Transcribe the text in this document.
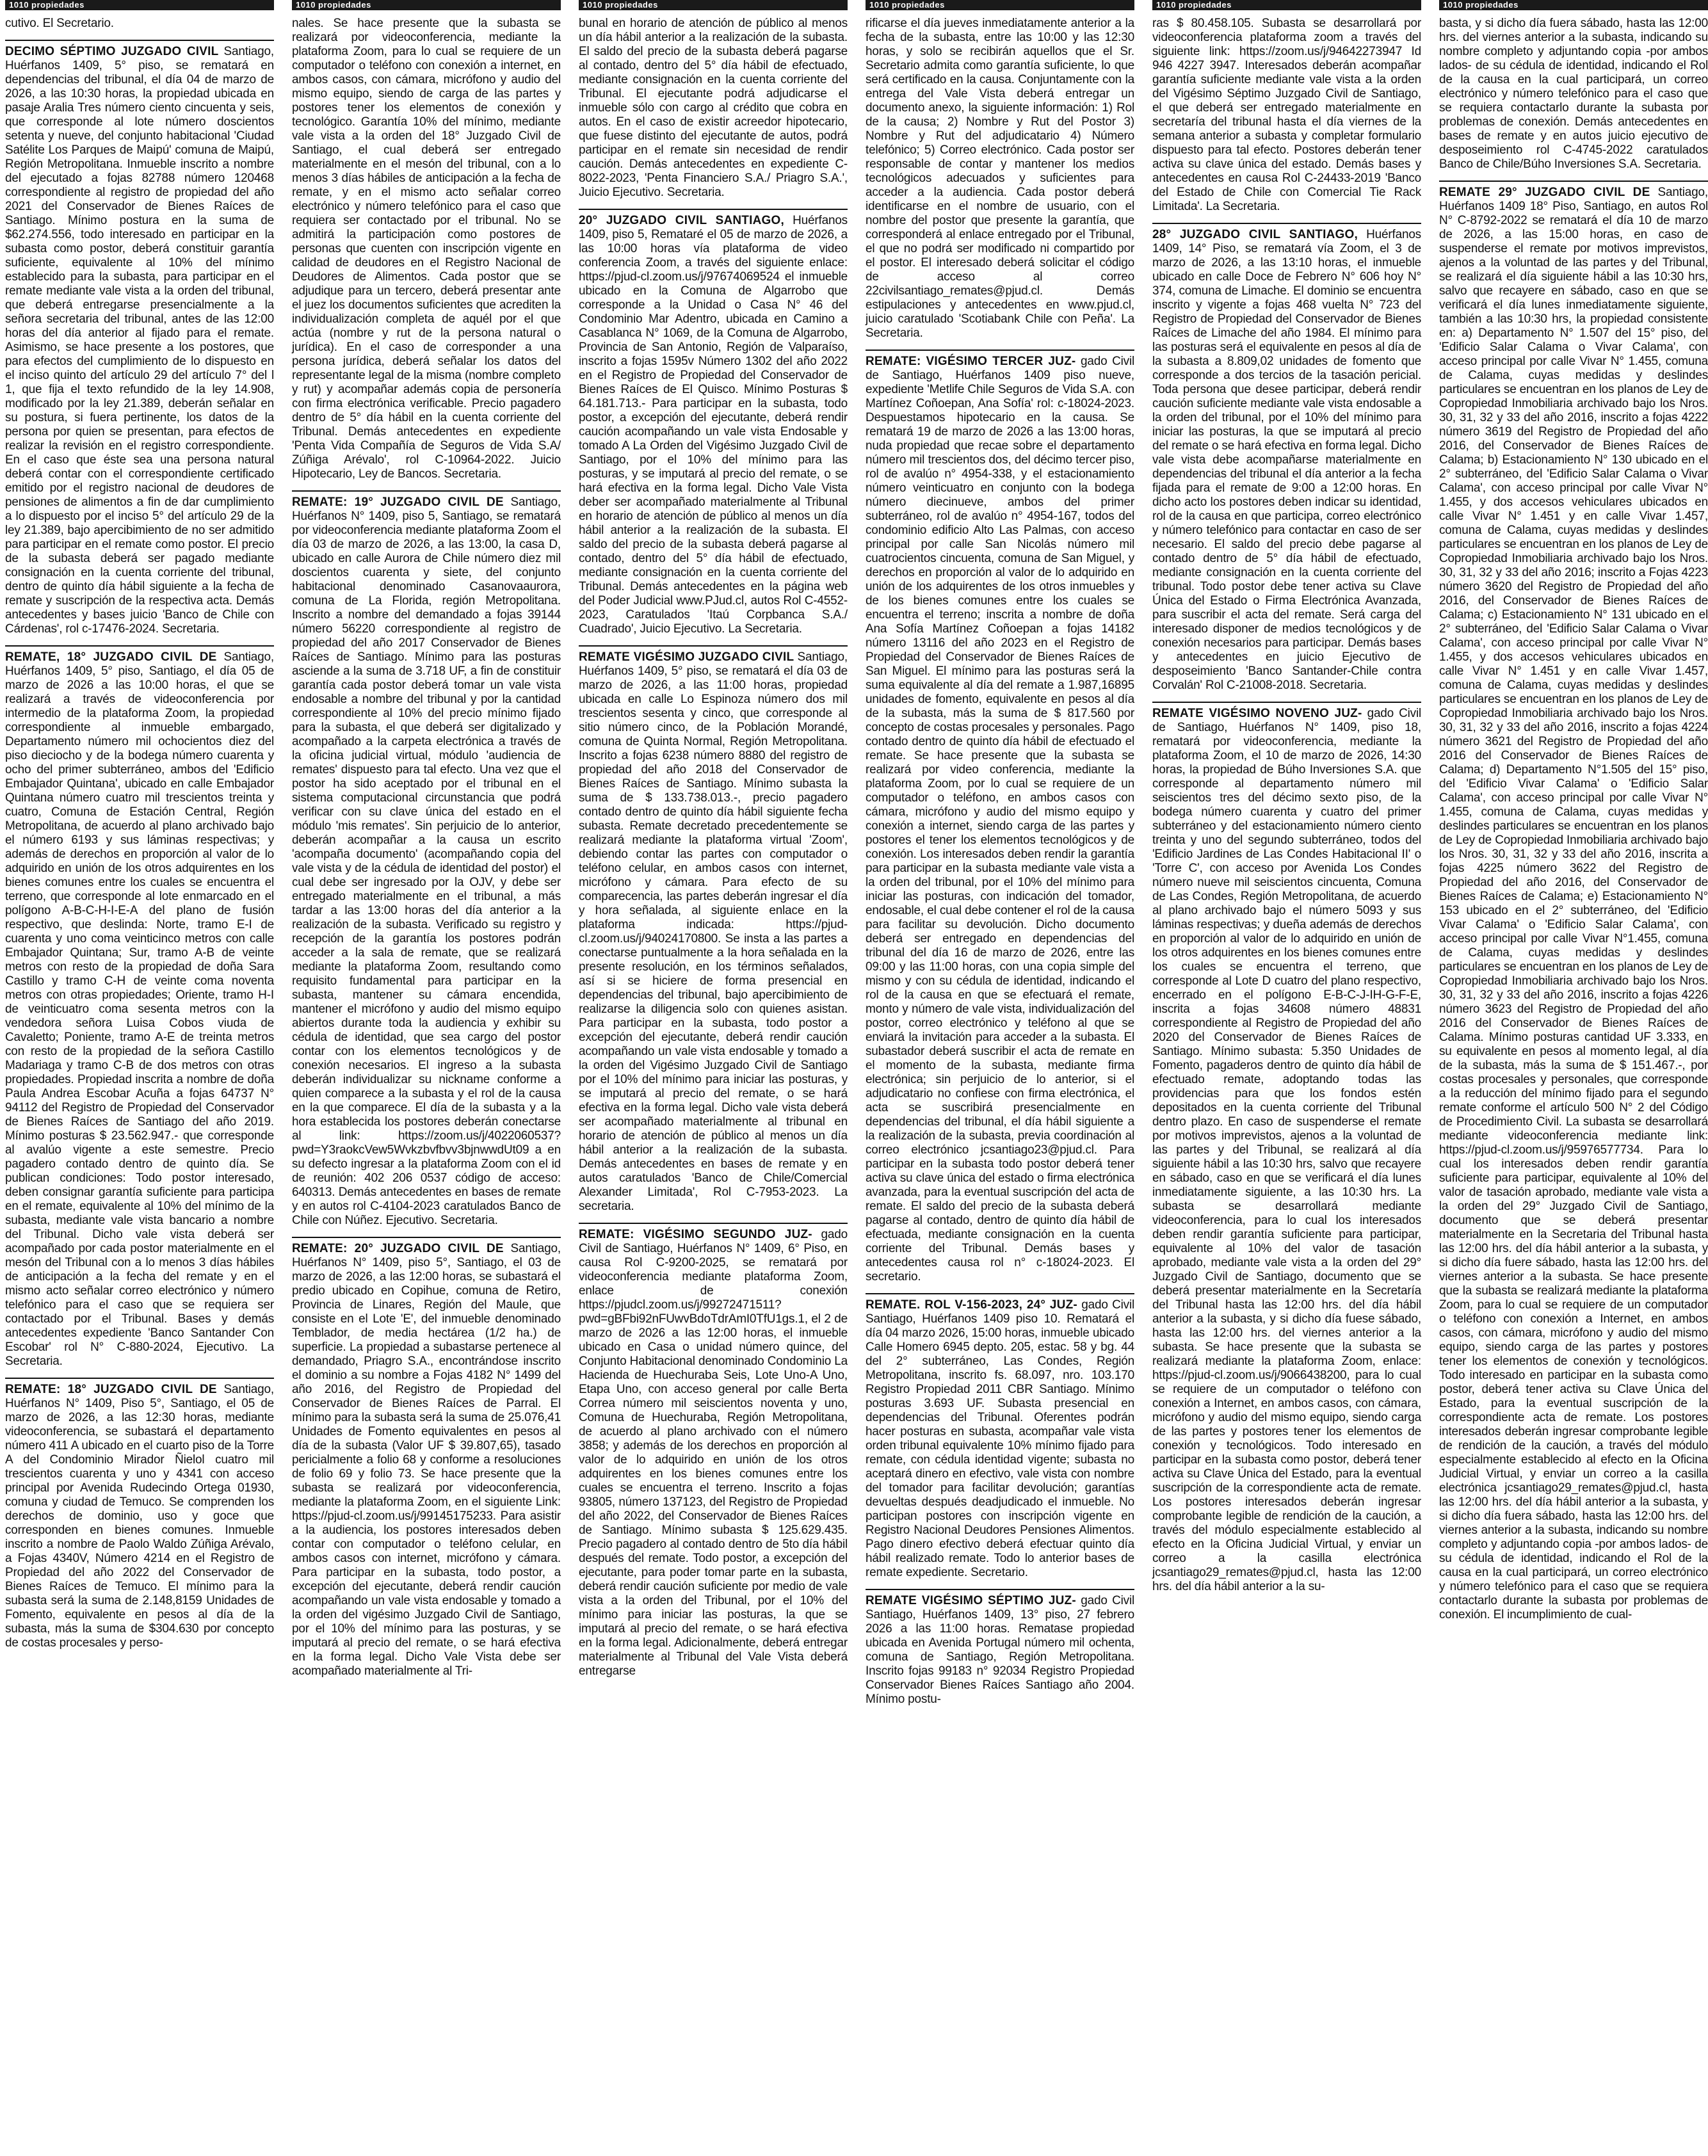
1010 propiedades

cutivo. El Secretario.

DECIMO SÉPTIMO JUZGADO CIVIL Santiago, Huérfanos 1409, 5° piso, se rematará en dependencias del tribunal, el día 04 de marzo de 2026, a las 10:30 horas, la propiedad ubicada en pasaje Aralia Tres número ciento cincuenta y seis, que corresponde al lote número doscientos setenta y nueve, del conjunto habitacional 'Ciudad Satélite Los Parques de Maipú' comuna de Maipú, Región Metropolitana. Inmueble inscrito a nombre del ejecutado a fojas 82788 número 120468 correspondiente al registro de propiedad del año 2021 del Conservador de Bienes Raíces de Santiago. Mínimo postura en la suma de $62.274.556, todo interesado en participar en la subasta como postor, deberá constituir garantía suficiente, equivalente al 10% del mínimo establecido para la subasta, para participar en el remate mediante vale vista a la orden del tribunal, que deberá entregarse presencialmente a la señora secretaria del tribunal, antes de las 12:00 horas del día anterior al fijado para el remate. Asimismo, se hace presente a los postores, que para efectos del cumplimiento de lo dispuesto en el inciso quinto del artículo 29 del artículo 7° del l 1, que fija el texto refundido de la ley 14.908, modificado por la ley 21.389, deberán señalar en su postura, si fuera pertinente, los datos de la persona por quien se presentan, para efectos de realizar la revisión en el registro correspondiente. En el caso que éste sea una persona natural deberá contar con el correspondiente certificado emitido por el registro nacional de deudores de pensiones de alimentos a fin de dar cumplimiento a lo dispuesto por el inciso 5° del artículo 29 de la ley 21.389, bajo apercibimiento de no ser admitido para participar en el remate como postor. El precio de la subasta deberá ser pagado mediante consignación en la cuenta corriente del tribunal, dentro de quinto día hábil siguiente a la fecha de remate y suscripción de la respectiva acta. Demás antecedentes y bases juicio 'Banco de Chile con Cárdenas', rol c-17476-2024. Secretaria.

REMATE, 18° JUZGADO CIVIL DE Santiago, Huérfanos 1409, 5° piso, Santiago, el día 05 de marzo de 2026 a las 10:00 horas, el que se realizará a través de videoconferencia por intermedio de la plataforma Zoom, la propiedad correspondiente al inmueble embargado, Departamento número mil ochocientos diez del piso dieciocho y de la bodega número cuarenta y ocho del primer subterráneo, ambos del 'Edificio Embajador Quintana', ubicado en calle Embajador Quintana número cuatro mil trescientos treinta y cuatro, Comuna de Estación Central, Región Metropolitana, de acuerdo al plano archivado bajo el número 6193 y sus láminas respectivas; y además de derechos en proporción al valor de lo adquirido en unión de los otros adquirentes en los bienes comunes entre los cuales se encuentra el terreno, que corresponde al lote enmarcado en el polígono A-B-C-H-I-E-A del plano de fusión respectivo, que deslinda: Norte, tramo E-I de cuarenta y uno coma veinticinco metros con calle Embajador Quintana; Sur, tramo A-B de veinte metros con resto de la propiedad de doña Sara Castillo y tramo C-H de veinte coma noventa metros con otras propiedades; Oriente, tramo H-I de veinticuatro coma sesenta metros con la vendedora señora Luisa Cobos viuda de Cavaletto; Poniente, tramo A-E de treinta metros con resto de la propiedad de la señora Castillo Madariaga y tramo C-B de dos metros con otras propiedades. Propiedad inscrita a nombre de doña Paula Andrea Escobar Acuña a fojas 64737 N° 94112 del Registro de Propiedad del Conservador de Bienes Raíces de Santiago del año 2019. Mínimo posturas $ 23.562.947.- que corresponde al avalúo vigente a este semestre. Precio pagadero contado dentro de quinto día. Se publican condiciones: Todo postor interesado, deben consignar garantía suficiente para participa en el remate, equivalente al 10% del mínimo de la subasta, mediante vale vista bancario a nombre del Tribunal. Dicho vale vista deberá ser acompañado por cada postor materialmente en el mesón del Tribunal con a lo menos 3 días hábiles de anticipación a la fecha del remate y en el mismo acto señalar correo electrónico y número telefónico para el caso que se requiera ser contactado por el Tribunal. Bases y demás antecedentes expediente 'Banco Santander Con Escobar' rol N° C-880-2024, Ejecutivo. La Secretaria.

REMATE: 18° JUZGADO CIVIL DE Santiago, Huérfanos N° 1409, Piso 5°, Santiago, el 05 de marzo de 2026, a las 12:30 horas, mediante videoconferencia, se subastará el departamento número 411 A ubicado en el cuarto piso de la Torre A del Condominio Mirador Ñielol cuatro mil trescientos cuarenta y uno y 4341 con acceso principal por Avenida Rudecindo Ortega 01930, comuna y ciudad de Temuco. Se comprenden los derechos de dominio, uso y goce que corresponden en bienes comunes. Inmueble inscrito a nombre de Paolo Waldo Zúñiga Arévalo, a Fojas 4340V, Número 4214 en el Registro de Propiedad del año 2022 del Conservador de Bienes Raíces de Temuco. El mínimo para la subasta será la suma de 2.148,8159 Unidades de Fomento, equivalente en pesos al día de la subasta, más la suma de $304.630 por concepto de costas procesales y perso-

1010 propiedades

nales. Se hace presente que la subasta se realizará por videoconferencia, mediante la plataforma Zoom, para lo cual se requiere de un computador o teléfono con conexión a internet, en ambos casos, con cámara, micrófono y audio del mismo equipo, siendo de carga de las partes y postores tener los elementos de conexión y tecnológico. Garantía 10% del mínimo, mediante vale vista a la orden del 18° Juzgado Civil de Santiago, el cual deberá ser entregado materialmente en el mesón del tribunal, con a lo menos 3 días hábiles de anticipación a la fecha de remate, y en el mismo acto señalar correo electrónico y número telefónico para el caso que requiera ser contactado por el tribunal. No se admitirá la participación como postores de personas que cuenten con inscripción vigente en calidad de deudores en el Registro Nacional de Deudores de Alimentos. Cada postor que se adjudique para un tercero, deberá presentar ante el juez los documentos suficientes que acrediten la individualización completa de aquél por el que actúa (nombre y rut de la persona natural o jurídica). En el caso de corresponder a una persona jurídica, deberá señalar los datos del representante legal de la misma (nombre completo y rut) y acompañar además copia de personería con firma electrónica verificable. Precio pagadero dentro de 5° día hábil en la cuenta corriente del Tribunal. Demás antecedentes en expediente 'Penta Vida Compañía de Seguros de Vida S.A/ Zúñiga Arévalo', rol C-10964-2022. Juicio Hipotecario, Ley de Bancos. Secretaria.

REMATE: 19° JUZGADO CIVIL DE Santiago, Huérfanos N° 1409, piso 5, Santiago, se rematará por videoconferencia mediante plataforma Zoom el día 03 de marzo de 2026, a las 13:00, la casa D, ubicado en calle Aurora de Chile número diez mil doscientos cuarenta y siete, del conjunto habitacional denominado Casanovaaurora, comuna de La Florida, región Metropolitana. Inscrito a nombre del demandado a fojas 39144 número 56220 correspondiente al registro de propiedad del año 2017 Conservador de Bienes Raíces de Santiago. Mínimo para las posturas asciende a la suma de 3.718 UF, a fin de constituir garantía cada postor deberá tomar un vale vista endosable a nombre del tribunal y por la cantidad correspondiente al 10% del precio mínimo fijado para la subasta, el que deberá ser digitalizado y acompañado a la carpeta electrónica a través de la oficina judicial virtual, módulo 'audiencia de remates' dispuesto para tal efecto. Una vez que el postor ha sido aceptado por el tribunal en el sistema computacional circunstancia que podrá verificar con su clave única del estado en el módulo 'mis remates'. Sin perjuicio de lo anterior, deberán acompañar a la causa un escrito 'acompaña documento' (acompañando copia del vale vista y de la cédula de identidad del postor) el cual debe ser ingresado por la OJV, y debe ser entregado materialmente en el tribunal, a más tardar a las 13:00 horas del día anterior a la realización de la subasta. Verificado su registro y recepción de la garantía los postores podrán acceder a la sala de remate, que se realizará mediante la plataforma Zoom, resultando como requisito fundamental para participar en la subasta, mantener su cámara encendida, mantener el micrófono y audio del mismo equipo abiertos durante toda la audiencia y exhibir su cédula de identidad, que sea cargo del postor contar con los elementos tecnológicos y de conexión necesarios. El ingreso a la subasta deberán individualizar su nickname conforme a quien comparece a la subasta y el rol de la causa en la que comparece. El día de la subasta y a la hora establecida los postores deberán conectarse al link: https://zoom.us/j/4022060537?pwd=Y3raokcVew5Wvkzbvfbvv3bjnwwdUt09 a en su defecto ingresar a la plataforma Zoom con el id de reunión: 402 206 0537 código de acceso: 640313. Demás antecedentes en bases de remate y en autos rol C-4104-2023 caratulados Banco de Chile con Núñez. Ejecutivo. Secretaria.

REMATE: 20° JUZGADO CIVIL DE Santiago, Huérfanos N° 1409, piso 5°, Santiago, el 03 de marzo de 2026, a las 12:00 horas, se subastará el predio ubicado en Copihue, comuna de Retiro, Provincia de Linares, Región del Maule, que consiste en el Lote 'E', del inmueble denominado Temblador, de media hectárea (1/2 ha.) de superficie. La propiedad a subastarse pertenece al demandado, Priagro S.A., encontrándose inscrito el dominio a su nombre a Fojas 4182 N° 1499 del año 2016, del Registro de Propiedad del Conservador de Bienes Raíces de Parral. El mínimo para la subasta será la suma de 25.076,41 Unidades de Fomento equivalentes en pesos al día de la subasta (Valor UF $ 39.807,65), tasado pericialmente a folio 68 y conforme a resoluciones de folio 69 y folio 73. Se hace presente que la subasta se realizará por videoconferencia, mediante la plataforma Zoom, en el siguiente Link: https://pjud-cl.zoom.us/j/99145175233. Para asistir a la audiencia, los postores interesados deben contar con computador o teléfono celular, en ambos casos con internet, micrófono y cámara. Para participar en la subasta, todo postor, a excepción del ejecutante, deberá rendir caución acompañando un vale vista endosable y tomado a la orden del vigésimo Juzgado Civil de Santiago, por el 10% del mínimo para las posturas, y se imputará al precio del remate, o se hará efectiva en la forma legal. Dicho Vale Vista debe ser acompañado materialmente al Tri-

1010 propiedades

bunal en horario de atención de público al menos un día hábil anterior a la realización de la subasta. El saldo del precio de la subasta deberá pagarse al contado, dentro del 5° día hábil de efectuado, mediante consignación en la cuenta corriente del Tribunal. El ejecutante podrá adjudicarse el inmueble sólo con cargo al crédito que cobra en autos. En el caso de existir acreedor hipotecario, que fuese distinto del ejecutante de autos, podrá participar en el remate sin necesidad de rendir caución. Demás antecedentes en expediente C-8022-2023, 'Penta Financiero S.A./ Priagro S.A.', Juicio Ejecutivo. Secretaria.

20° JUZGADO CIVIL SANTIAGO, Huérfanos 1409, piso 5, Remataré el 05 de marzo de 2026, a las 10:00 horas vía plataforma de video conferencia Zoom, a través del siguiente enlace: https://pjud-cl.zoom.us/j/97674069524 el inmueble ubicado en la Comuna de Algarrobo que corresponde a la Unidad o Casa N° 46 del Condominio Mar Adentro, ubicada en Camino a Casablanca N° 1069, de la Comuna de Algarrobo, Provincia de San Antonio, Región de Valparaíso, inscrito a fojas 1595v Número 1302 del año 2022 en el Registro de Propiedad del Conservador de Bienes Raíces de El Quisco. Mínimo Posturas $ 64.181.713.- Para participar en la subasta, todo postor, a excepción del ejecutante, deberá rendir caución acompañando un vale vista Endosable y tomado A La Orden del Vigésimo Juzgado Civil de Santiago, por el 10% del mínimo para las posturas, y se imputará al precio del remate, o se hará efectiva en la forma legal. Dicho Vale Vista deber ser acompañado materialmente al Tribunal en horario de atención de público al menos un día hábil anterior a la realización de la subasta. El saldo del precio de la subasta deberá pagarse al contado, dentro del 5° día hábil de efectuado, mediante consignación en la cuenta corriente del Tribunal. Demás antecedentes en la página web del Poder Judicial www.PJud.cl, autos Rol C-4552-2023, Caratulados 'Itaú Corpbanca S.A./ Cuadrado', Juicio Ejecutivo. La Secretaria.

REMATE VIGÉSIMO JUZGADO CIVIL Santiago, Huérfanos 1409, 5° piso, se rematará el día 03 de marzo de 2026, a las 11:00 horas, propiedad ubicada en calle Lo Espinoza número dos mil trescientos sesenta y cinco, que corresponde al sitio número cinco, de la Población Morandé, comuna de Quinta Normal, Región Metropolitana. Inscrito a fojas 6238 número 8880 del registro de propiedad del año 2018 del Conservador de Bienes Raíces de Santiago. Mínimo subasta la suma de $ 133.738.013.-, precio pagadero contado dentro de quinto día hábil siguiente fecha subasta. Remate decretado precedentemente se realizará mediante la plataforma virtual 'Zoom', debiendo contar las partes con computador o teléfono celular, en ambos casos con internet, micrófono y cámara. Para efecto de su comparecencia, las partes deberán ingresar el día y hora señalada, al siguiente enlace en la plataforma indicada: https://pjud-cl.zoom.us/j/94024170800. Se insta a las partes a conectarse puntualmente a la hora señalada en la presente resolución, en los términos señalados, así si se hiciere de forma presencial en dependencias del tribunal, bajo apercibimiento de realizarse la diligencia solo con quienes asistan. Para participar en la subasta, todo postor a excepción del ejecutante, deberá rendir caución acompañando un vale vista endosable y tomado a la orden del Vigésimo Juzgado Civil de Santiago por el 10% del mínimo para iniciar las posturas, y se imputará al precio del remate, o se hará efectiva en la forma legal. Dicho vale vista deberá ser acompañado materialmente al tribunal en horario de atención de público al menos un día hábil anterior a la realización de la subasta. Demás antecedentes en bases de remate y en autos caratulados 'Banco de Chile/Comercial Alexander Limitada', Rol C-7953-2023. La secretaria.

REMATE: VIGÉSIMO SEGUNDO JUZ- gado Civil de Santiago, Huérfanos N° 1409, 6° Piso, en causa Rol C-9200-2025, se rematará por videoconferencia mediante plataforma Zoom, enlace de conexión https://pjudcl.zoom.us/j/99272471511? pwd=gBFbi92nFUwvBdoTdrAmI0TfU1gs.1, el 2 de marzo de 2026 a las 12:00 horas, el inmueble ubicado en Casa o unidad número quince, del Conjunto Habitacional denominado Condominio La Hacienda de Huechuraba Seis, Lote Uno-A Uno, Etapa Uno, con acceso general por calle Berta Correa número mil seiscientos noventa y uno, Comuna de Huechuraba, Región Metropolitana, de acuerdo al plano archivado con el número 3858; y además de los derechos en proporción al valor de lo adquirido en unión de los otros adquirentes en los bienes comunes entre los cuales se encuentra el terreno. Inscrito a fojas 93805, número 137123, del Registro de Propiedad del año 2022, del Conservador de Bienes Raíces de Santiago. Mínimo subasta $ 125.629.435. Precio pagadero al contado dentro de 5to día hábil después del remate. Todo postor, a excepción del ejecutante, para poder tomar parte en la subasta, deberá rendir caución suficiente por medio de vale vista a la orden del Tribunal, por el 10% del mínimo para iniciar las posturas, la que se imputará al precio del remate, o se hará efectiva en la forma legal. Adicionalmente, deberá entregar materialmente al Tribunal del Vale Vista deberá entregarse

1010 propiedades

rificarse el día jueves inmediatamente anterior a la fecha de la subasta, entre las 10:00 y las 12:30 horas, y solo se recibirán aquellos que el Sr. Secretario admita como garantía suficiente, lo que será certificado en la causa. Conjuntamente con la entrega del Vale Vista deberá entregar un documento anexo, la siguiente información: 1) Rol de la causa; 2) Nombre y Rut del Postor 3) Nombre y Rut del adjudicatario 4) Número telefónico; 5) Correo electrónico. Cada postor ser responsable de contar y mantener los medios tecnológicos adecuados y suficientes para acceder a la audiencia. Cada postor deberá identificarse en el nombre de usuario, con el nombre del postor que presente la garantía, que corresponderá al enlace entregado por el Tribunal, el que no podrá ser modificado ni compartido por el postor. El interesado deberá solicitar el código de acceso al correo 22civilsantiago_remates@pjud.cl. Demás estipulaciones y antecedentes en www.pjud.cl, juicio caratulado 'Scotiabank Chile con Peña'. La Secretaria.

REMATE: VIGÉSIMO TERCER JUZ- gado Civil de Santiago, Huérfanos 1409 piso nueve, expediente 'Metlife Chile Seguros de Vida S.A. con Martínez Coñoepan, Ana Sofía' rol: c-18024-2023. Despuestamos hipotecario en la causa. Se rematará 19 de marzo de 2026 a las 13:00 horas, nuda propiedad que recae sobre el departamento número mil trescientos dos, del décimo tercer piso, rol de avalúo n° 4954-338, y el estacionamiento número veinticuatro en conjunto con la bodega número diecinueve, ambos del primer subterráneo, rol de avalúo n° 4954-167, todos del condominio edificio Alto Las Palmas, con acceso principal por calle San Nicolás número mil cuatrocientos cincuenta, comuna de San Miguel, y derechos en proporción al valor de lo adquirido en unión de los adquirentes de los otros inmuebles y de los bienes comunes entre los cuales se encuentra el terreno; inscrita a nombre de doña Ana Sofía Martínez Coñoepan a fojas 14182 número 13116 del año 2023 en el Registro de Propiedad del Conservador de Bienes Raíces de San Miguel. El mínimo para las posturas será la suma equivalente al día del remate a 1.987,16895 unidades de fomento, equivalente en pesos al día de la subasta, más la suma de $ 817.560 por concepto de costas procesales y personales. Pago contado dentro de quinto día hábil de efectuado el remate. Se hace presente que la subasta se realizará por video conferencia, mediante la plataforma Zoom, por lo cual se requiere de un computador o teléfono, en ambos casos con cámara, micrófono y audio del mismo equipo y conexión a internet, siendo carga de las partes y postores el tener los elementos tecnológicos y de conexión. Los interesados deben rendir la garantía para participar en la subasta mediante vale vista a la orden del tribunal, por el 10% del mínimo para iniciar las posturas, con indicación del tomador, endosable, el cual debe contener el rol de la causa para facilitar su devolución. Dicho documento deberá ser entregado en dependencias del tribunal del día 16 de marzo de 2026, entre las 09:00 y las 11:00 horas, con una copia simple del mismo y con su cédula de identidad, indicando el rol de la causa en que se efectuará el remate, monto y número de vale vista, individualización del postor, correo electrónico y teléfono al que se enviará la invitación para acceder a la subasta. El subastador deberá suscribir el acta de remate en el momento de la subasta, mediante firma electrónica; sin perjuicio de lo anterior, si el adjudicatario no confiese con firma electrónica, el acta se suscribirá presencialmente en dependencias del tribunal, el día hábil siguiente a la realización de la subasta, previa coordinación al correo electrónico jcsantiago23@pjud.cl. Para participar en la subasta todo postor deberá tener activa su clave única del estado o firma electrónica avanzada, para la eventual suscripción del acta de remate. El saldo del precio de la subasta deberá pagarse al contado, dentro de quinto día hábil de efectuada, mediante consignación en la cuenta corriente del Tribunal. Demás bases y antecedentes causa rol n° c-18024-2023. El secretario.

REMATE. ROL V-156-2023, 24° JUZ- gado Civil Santiago, Huérfanos 1409 piso 10. Rematará el día 04 marzo 2026, 15:00 horas, inmueble ubicado Calle Homero 6945 depto. 205, estac. 58 y bg. 44 del 2° subterráneo, Las Condes, Región Metropolitana, inscrito fs. 68.097, nro. 103.170 Registro Propiedad 2011 CBR Santiago. Mínimo posturas 3.693 UF. Subasta presencial en dependencias del Tribunal. Oferentes podrán hacer posturas en subasta, acompañar vale vista orden tribunal equivalente 10% mínimo fijado para remate, con cédula identidad vigente; subasta no aceptará dinero en efectivo, vale vista con nombre del tomador para facilitar devolución; garantías devueltas después deadjudicado el inmueble. No participan postores con inscripción vigente en Registro Nacional Deudores Pensiones Alimentos. Pago dinero efectivo deberá efectuar quinto día hábil realizado remate. Todo lo anterior bases de remate expediente. Secretario.

REMATE VIGÉSIMO SÉPTIMO JUZ- gado Civil Santiago, Huérfanos 1409, 13° piso, 27 febrero 2026 a las 11:00 horas. Rematase propiedad ubicada en Avenida Portugal número mil ochenta, comuna de Santiago, Región Metropolitana. Inscrito fojas 99183 n° 92034 Registro Propiedad Conservador Bienes Raíces Santiago año 2004. Mínimo postu-

1010 propiedades

ras $ 80.458.105. Subasta se desarrollará por videoconferencia plataforma zoom a través del siguiente link: https://zoom.us/j/94642273947 Id 946 4227 3947. Interesados deberán acompañar garantía suficiente mediante vale vista a la orden del Vigésimo Séptimo Juzgado Civil de Santiago, el que deberá ser entregado materialmente en secretaría del tribunal hasta el día viernes de la semana anterior a subasta y completar formulario dispuesto para tal efecto. Postores deberán tener activa su clave única del estado. Demás bases y antecedentes en causa Rol C-24433-2019 'Banco del Estado de Chile con Comercial Tie Rack Limitada'. La Secretaria.

28° JUZGADO CIVIL SANTIAGO, Huérfanos 1409, 14° Piso, se rematará vía Zoom, el 3 de marzo de 2026, a las 13:10 horas, el inmueble ubicado en calle Doce de Febrero N° 606 hoy N° 374, comuna de Limache. El dominio se encuentra inscrito y vigente a fojas 468 vuelta N° 723 del Registro de Propiedad del Conservador de Bienes Raíces de Limache del año 1984. El mínimo para las posturas será el equivalente en pesos al día de la subasta a 8.809,02 unidades de fomento que corresponde a dos tercios de la tasación pericial. Toda persona que desee participar, deberá rendir caución suficiente mediante vale vista endosable a la orden del tribunal, por el 10% del mínimo para iniciar las posturas, la que se imputará al precio del remate o se hará efectiva en forma legal. Dicho vale vista debe acompañarse materialmente en dependencias del tribunal el día anterior a la fecha fijada para el remate de 9:00 a 12:00 horas. En dicho acto los postores deben indicar su identidad, rol de la causa en que participa, correo electrónico y número telefónico para contactar en caso de ser necesario. El saldo del precio debe pagarse al contado dentro de 5° día hábil de efectuado, mediante consignación en la cuenta corriente del tribunal. Todo postor debe tener activa su Clave Única del Estado o Firma Electrónica Avanzada, para suscribir el acta del remate. Será carga del interesado disponer de medios tecnológicos y de conexión necesarios para participar. Demás bases y antecedentes en juicio Ejecutivo de desposeimiento 'Banco Santander-Chile contra Corvalán' Rol C-21008-2018. Secretaria.

REMATE VIGÉSIMO NOVENO JUZ- gado Civil de Santiago, Huérfanos N° 1409, piso 18, rematará por videoconferencia, mediante la plataforma Zoom, el 10 de marzo de 2026, 14:30 horas, la propiedad de Búho Inversiones S.A. que corresponde al departamento número mil seiscientos tres del décimo sexto piso, de la bodega número cuarenta y cuatro del primer subterráneo y del estacionamiento número ciento treinta y uno del segundo subterráneo, todos del 'Edificio Jardines de Las Condes Habitacional II' o 'Torre C', con acceso por Avenida Los Condes número nueve mil seiscientos cincuenta, Comuna de Las Condes, Región Metropolitana, de acuerdo al plano archivado bajo el número 5093 y sus láminas respectivas; y dueña además de derechos en proporción al valor de lo adquirido en unión de los otros adquirentes en los bienes comunes entre los cuales se encuentra el terreno, que corresponde al Lote D cuatro del plano respectivo, encerrado en el polígono E-B-C-J-IH-G-F-E, inscrita a fojas 34608 número 48831 correspondiente al Registro de Propiedad del año 2020 del Conservador de Bienes Raíces de Santiago. Mínimo subasta: 5.350 Unidades de Fomento, pagaderos dentro de quinto día hábil de efectuado remate, adoptando todas las providencias para que los fondos estén depositados en la cuenta corriente del Tribunal dentro plazo. En caso de suspenderse el remate por motivos imprevistos, ajenos a la voluntad de las partes y del Tribunal, se realizará al día siguiente hábil a las 10:30 hrs, salvo que recayere en sábado, caso en que se verificará el día lunes inmediatamente siguiente, a las 10:30 hrs. La subasta se desarrollará mediante videoconferencia, para lo cual los interesados deben rendir garantía suficiente para participar, equivalente al 10% del valor de tasación aprobado, mediante vale vista a la orden del 29° Juzgado Civil de Santiago, documento que se deberá presentar materialmente en la Secretaría del Tribunal hasta las 12:00 hrs. del día hábil anterior a la subasta, y si dicho día fuese sábado, hasta las 12:00 hrs. del viernes anterior a la subasta. Se hace presente que la subasta se realizará mediante la plataforma Zoom, enlace: https://pjud-cl.zoom.us/j/9066438200, para lo cual se requiere de un computador o teléfono con conexión a Internet, en ambos casos, con cámara, micrófono y audio del mismo equipo, siendo carga de las partes y postores tener los elementos de conexión y tecnológicos. Todo interesado en participar en la subasta como postor, deberá tener activa su Clave Única del Estado, para la eventual suscripción de la correspondiente acta de remate. Los postores interesados deberán ingresar comprobante legible de rendición de la caución, a través del módulo especialmente establecido al efecto en la Oficina Judicial Virtual, y enviar un correo a la casilla electrónica jcsantiago29_remates@pjud.cl, hasta las 12:00 hrs. del día hábil anterior a la su-

1010 propiedades

basta, y si dicho día fuera sábado, hasta las 12:00 hrs. del viernes anterior a la subasta, indicando su nombre completo y adjuntando copia -por ambos lados- de su cédula de identidad, indicando el Rol de la causa en la cual participará, un correo electrónico y número telefónico para el caso que se requiera contactarlo durante la subasta por problemas de conexión. Demás antecedentes en bases de remate y en autos juicio ejecutivo de desposeimiento rol C-4745-2022 caratulados Banco de Chile/Búho Inversiones S.A. Secretaria.

REMATE 29° JUZGADO CIVIL DE Santiago, Huérfanos 1409 18° Piso, Santiago, en autos Rol N° C-8792-2022 se rematará el día 10 de marzo de 2026, a las 15:00 horas, en caso de suspenderse el remate por motivos imprevistos, ajenos a la voluntad de las partes y del Tribunal, se realizará el día siguiente hábil a las 10:30 hrs, salvo que recayere en sábado, caso en que se verificará el día lunes inmediatamente siguiente, también a las 10:30 hrs, la propiedad consistente en: a) Departamento N° 1.507 del 15° piso, del 'Edificio Salar Calama o Vivar Calama', con acceso principal por calle Vivar N° 1.455, comuna de Calama, cuyas medidas y deslindes particulares se encuentran en los planos de Ley de Copropiedad Inmobiliaria archivado bajo los Nros. 30, 31, 32 y 33 del año 2016, inscrito a fojas 4222 número 3619 del Registro de Propiedad del año 2016, del Conservador de Bienes Raíces de Calama; b) Estacionamiento N° 130 ubicado en el 2° subterráneo, del 'Edificio Salar Calama o Vivar Calama', con acceso principal por calle Vivar N° 1.455, y dos accesos vehiculares ubicados en calle Vivar N° 1.451 y en calle Vivar 1.457, comuna de Calama, cuyas medidas y deslindes particulares se encuentran en los planos de Ley de Copropiedad Inmobiliaria archivado bajo los Nros. 30, 31, 32 y 33 del año 2016; inscrito a Fojas 4223 número 3620 del Registro de Propiedad del año 2016, del Conservador de Bienes Raíces de Calama; c) Estacionamiento N° 131 ubicado en el 2° subterráneo, del 'Edificio Salar Calama o Vivar Calama', con acceso principal por calle Vivar N° 1.455, y dos accesos vehiculares ubicados en calle Vivar N° 1.451 y en calle Vivar 1.457, comuna de Calama, cuyas medidas y deslindes particulares se encuentran en los planos de Ley de Copropiedad Inmobiliaria archivado bajo los Nros. 30, 31, 32 y 33 del año 2016, inscrito a fojas 4224 número 3621 del Registro de Propiedad del año 2016 del Conservador de Bienes Raíces de Calama; d) Departamento N°1.505 del 15° piso, del 'Edificio Vivar Calama' o 'Edificio Salar Calama', con acceso principal por calle Vivar N° 1.455, comuna de Calama, cuyas medidas y deslindes particulares se encuentran en los planos de Ley de Copropiedad Inmobiliaria archivado bajo los Nros. 30, 31, 32 y 33 del año 2016, inscrita a fojas 4225 número 3622 del Registro de Propiedad del año 2016, del Conservador de Bienes Raíces de Calama; e) Estacionamiento N° 153 ubicado en el 2° subterráneo, del 'Edificio Vivar Calama' o 'Edificio Salar Calama', con acceso principal por calle Vivar N°1.455, comuna de Calama, cuyas medidas y deslindes particulares se encuentran en los planos de Ley de Copropiedad Inmobiliaria archivado bajo los Nros. 30, 31, 32 y 33 del año 2016, inscrito a fojas 4226 número 3623 del Registro de Propiedad del año 2016 del Conservador de Bienes Raíces de Calama. Mínimo posturas cantidad UF 3.333, en su equivalente en pesos al momento legal, al día de la subasta, más la suma de $ 151.467.-, por costas procesales y personales, que corresponde a la reducción del mínimo fijado para el segundo remate conforme el artículo 500 N° 2 del Código de Procedimiento Civil. La subasta se desarrollará mediante videoconferencia mediante link: https://pjud-cl.zoom.us/j/95976577734. Para lo cual los interesados deben rendir garantía suficiente para participar, equivalente al 10% del valor de tasación aprobado, mediante vale vista a la orden del 29° Juzgado Civil de Santiago, documento que se deberá presentar materialmente en la Secretaria del Tribunal hasta las 12:00 hrs. del día hábil anterior a la subasta, y si dicho día fuere sábado, hasta las 12:00 hrs. del viernes anterior a la subasta. Se hace presente que la subasta se realizará mediante la plataforma Zoom, para lo cual se requiere de un computador o teléfono con conexión a Internet, en ambos casos, con cámara, micrófono y audio del mismo equipo, siendo carga de las partes y postores tener los elementos de conexión y tecnológicos. Todo interesado en participar en la subasta como postor, deberá tener activa su Clave Única del Estado, para la eventual suscripción de la correspondiente acta de remate. Los postores interesados deberán ingresar comprobante legible de rendición de la caución, a través del módulo especialmente establecido al efecto en la Oficina Judicial Virtual, y enviar un correo a la casilla electrónica jcsantiago29_remates@pjud.cl, hasta las 12:00 hrs. del día hábil anterior a la subasta, y si dicho día fuera sábado, hasta las 12:00 hrs. del viernes anterior a la subasta, indicando su nombre completo y adjuntando copia -por ambos lados- de su cédula de identidad, indicando el Rol de la causa en la cual participará, un correo electrónico y número telefónico para el caso que se requiera contactarlo durante la subasta por problemas de conexión. El incumplimiento de cual-
